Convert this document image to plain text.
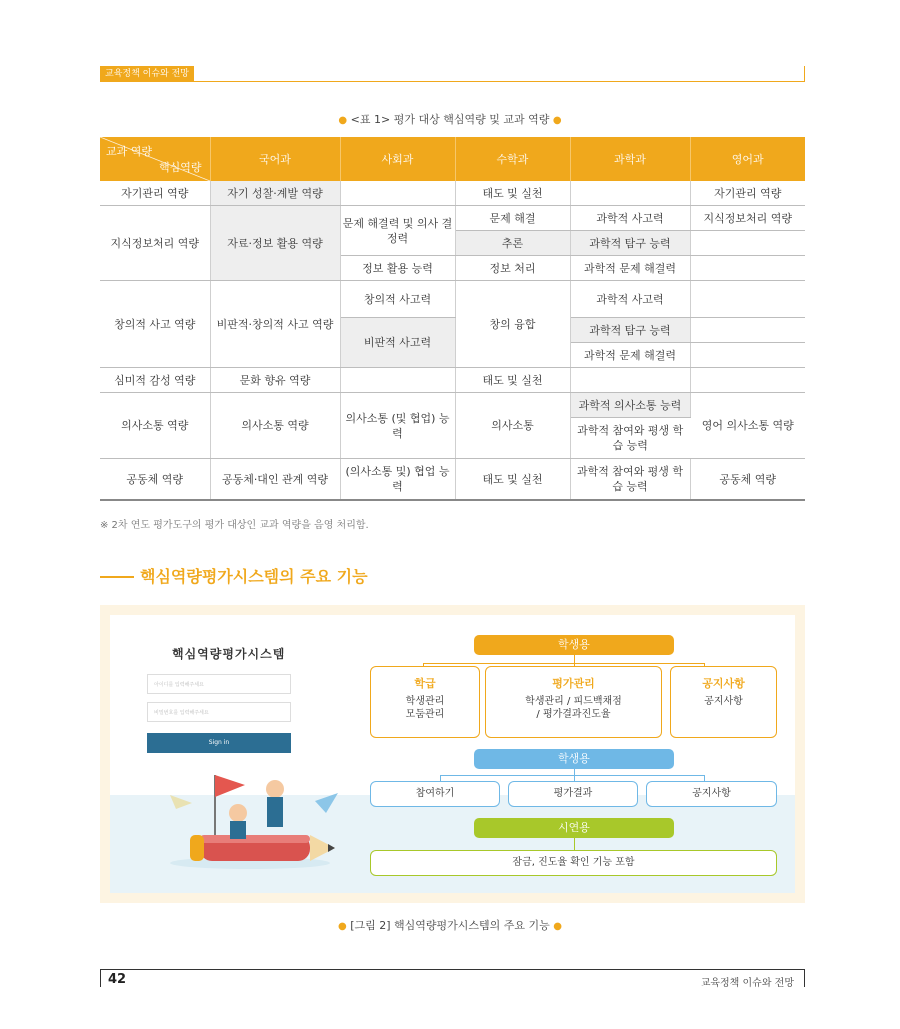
교육정책 이슈와 전망
● <표 1> 평가 대상 핵심역량 및 교과 역량 ●
교과 역량
핵심역량	국어과	사회과	수학과	과학과	영어과
자기관리 역량	자기 성찰·계발 역량		태도 및 실천		자기관리 역량
지식정보처리 역량	자료·정보 활용 역량	문제 해결력 및 의사 결정력	문제 해결	과학적 사고력	지식정보처리 역량
			추론	과학적 탐구 능력	
		정보 활용 능력	정보 처리	과학적 문제 해결력	
창의적 사고 역량	비판적·창의적 사고 역량	창의적 사고력	창의 융합	과학적 사고력	
		비판적 사고력		과학적 탐구 능력	
				과학적 문제 해결력	
심미적 감성 역량	문화 향유 역량		태도 및 실천		
의사소통 역량	의사소통 역량	의사소통 (및 협업) 능력	의사소통	과학적 의사소통 능력	영어 의사소통 역량
				과학적 참여와 평생 학습 능력	
공동체 역량	공동체·대인 관계 역량	(의사소통 및) 협업 능력	태도 및 실천	과학적 참여와 평생 학습 능력	공동체 역량
※ 2차 연도 평가도구의 평가 대상인 교과 역량을 음영 처리함.
핵심역량평가시스템의 주요 기능
핵심역량평가시스템
아이디를 입력해주세요
비밀번호를 입력해주세요
Sign in
학생용
학급
학생관리
모둠관리
평가관리
학생관리 / 피드백채점
/ 평가결과진도율
공지사항
공지사항
학생용
참여하기	평가결과	공지사항
시연용
잠금, 진도율 확인 기능 포함
● [그림 2] 핵심역량평가시스템의 주요 기능 ●
42	교육정책 이슈와 전망
